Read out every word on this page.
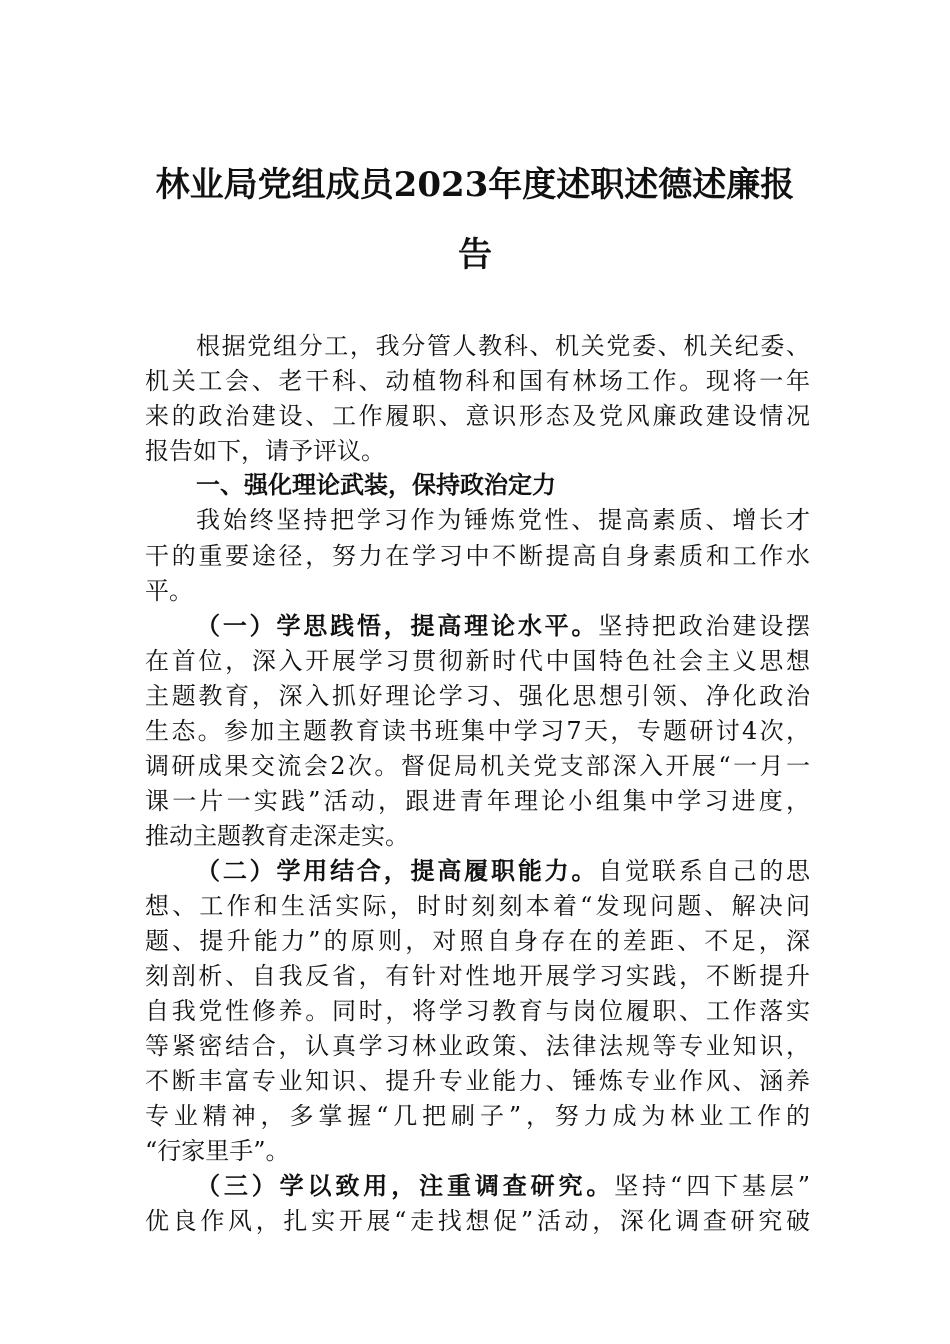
林业局党组成员2023年度述职述德述廉报
告
根据党组分工，我分管人教科、机关党委、机关纪委、
机关工会、老干科、动植物科和国有林场工作。现将一年
来的政治建设、工作履职、意识形态及党风廉政建设情况
报告如下，请予评议。
一、强化理论武装，保持政治定力
我始终坚持把学习作为锤炼党性、提高素质、增长才
干的重要途径，努力在学习中不断提高自身素质和工作水
平。
（一）学思践悟，提高理论水平。坚持把政治建设摆
在首位，深入开展学习贯彻新时代中国特色社会主义思想
主题教育，深入抓好理论学习、强化思想引领、净化政治
生态。参加主题教育读书班集中学习7天，专题研讨4次，
调研成果交流会2次。督促局机关党支部深入开展“一月一
课一片一实践”活动，跟进青年理论小组集中学习进度，
推动主题教育走深走实。
（二）学用结合，提高履职能力。自觉联系自己的思
想、工作和生活实际，时时刻刻本着“发现问题、解决问
题、提升能力”的原则，对照自身存在的差距、不足，深
刻剖析、自我反省，有针对性地开展学习实践，不断提升
自我党性修养。同时，将学习教育与岗位履职、工作落实
等紧密结合，认真学习林业政策、法律法规等专业知识，
不断丰富专业知识、提升专业能力、锤炼专业作风、涵养
专业精神，多掌握“几把刷子”，努力成为林业工作的
“行家里手”。
（三）学以致用，注重调查研究。坚持“四下基层”
优良作风，扎实开展“走找想促”活动，深化调查研究破
